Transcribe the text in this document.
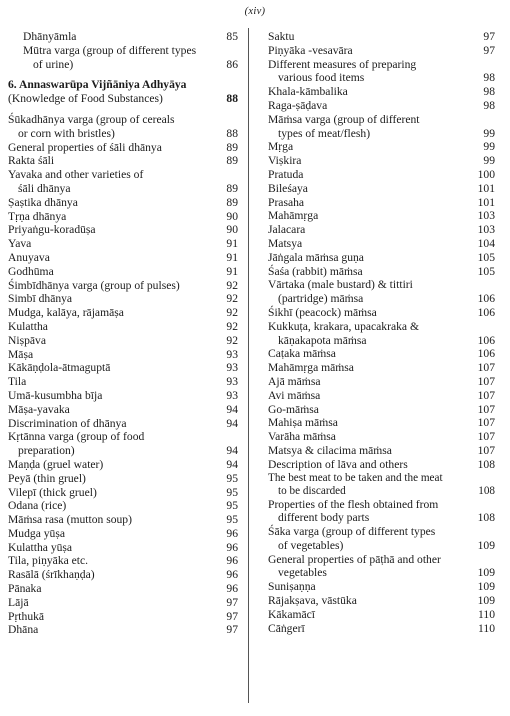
(xiv)
Dhānyāmla	85
Mūtra varga (group of different types
of urine)	86
6. Annaswarūpa Vijñāniya Adhyāya
(Knowledge of Food Substances)	88
Śūkadhānya varga (group of cereals
or corn with bristles)	88
General properties of śāli dhānya	89
Rakta śāli	89
Yavaka and other varieties of
śāli dhānya	89
Ṣaṣtika dhānya	89
Tṛṇa dhānya	90
Priyaṅgu-koradūṣa	90
Yava	91
Anuyava	91
Godhūma	91
Śimbīdhānya varga (group of pulses)	92
Simbī dhānya	92
Mudga, kalāya, rājamāṣa	92
Kulattha	92
Niṣpāva	92
Māṣa	93
Kākāṇḍola-ātmaguptā	93
Tila	93
Umā-kusumbha bīja	93
Māṣa-yavaka	94
Discrimination of dhānya	94
Kṛtānna varga (group of food
preparation)	94
Maṇḍa (gruel water)	94
Peyā (thin gruel)	95
Vilepī (thick gruel)	95
Odana (rice)	95
Māṁsa rasa (mutton soup)	95
Mudga yūṣa	96
Kulattha yūṣa	96
Tila, piṇyāka etc.	96
Rasālā (śrīkhaṇḍa)	96
Pānaka	96
Lājā	97
Pṛthukā	97
Dhāna	97
Saktu	97
Piṇyāka -vesavāra	97
Different measures of preparing
various food items	98
Khala-kāmbalika	98
Raga-ṣāḍava	98
Māṁsa varga (group of different
types of meat/flesh)	99
Mṛga	99
Viṣkira	99
Pratuda	100
Bileśaya	101
Prasaha	101
Mahāmṛga	103
Jalacara	103
Matsya	104
Jāṅgala māṁsa guṇa	105
Śaśa (rabbit) māṁsa	105
Vārtaka (male bustard) & tittiri
(partridge) māṁsa	106
Śikhī (peacock) māṁsa	106
Kukkuṭa, krakara, upacakraka &
kāṇakapota māṁsa	106
Caṭaka māṁsa	106
Mahāmṛga māṁsa	107
Ajā māṁsa	107
Avi māṁsa	107
Go-māṁsa	107
Mahiṣa māṁsa	107
Varāha māṁsa	107
Matsya & cilacima māṁsa	107
Description of lāva and others	108
The best meat to be taken and the meat
to be discarded	108
Properties of the flesh obtained from
different body parts	108
Śāka varga (group of different types
of vegetables)	109
General properties of pāṭhā and other
vegetables	109
Suniṣaṇṇa	109
Rājakṣava, vāstūka	109
Kākamācī	110
Cāṅgerī	110
